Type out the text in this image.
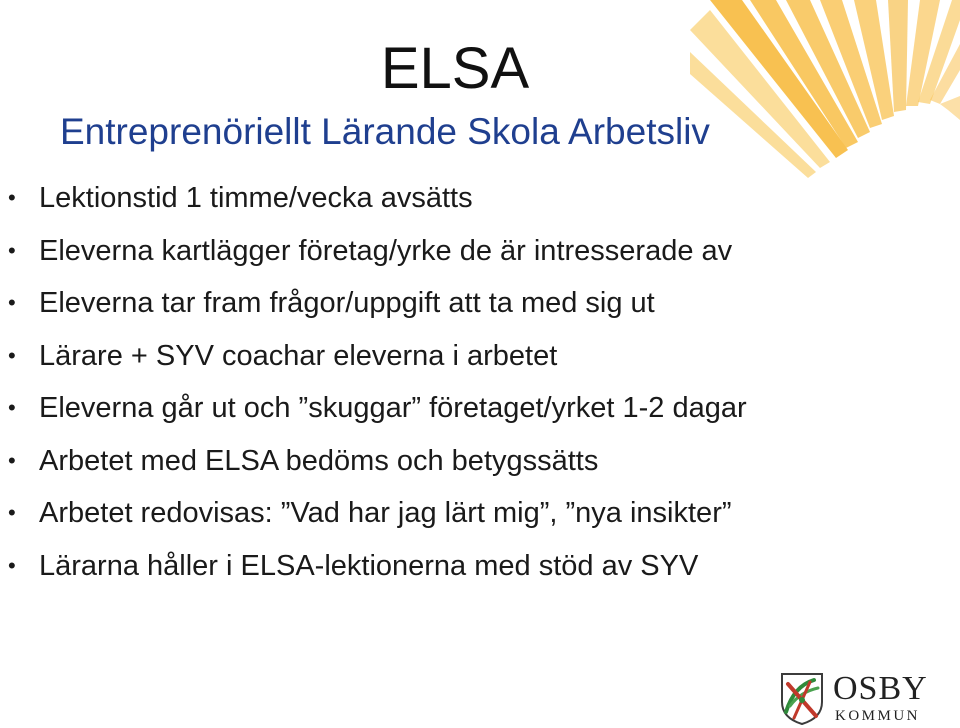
ELSA
Entreprenöriellt Lärande Skola Arbetsliv
• Lektionstid 1 timme/vecka avsätts
• Eleverna kartlägger företag/yrke de är intresserade av
• Eleverna tar fram frågor/uppgift att ta med sig ut
• Lärare + SYV coachar eleverna i arbetet
• Eleverna går ut och ”skuggar” företaget/yrket 1-2 dagar
• Arbetet med ELSA bedöms och betygssätts
• Arbetet redovisas: ”Vad har jag lärt mig”, ”nya insikter”
• Lärarna håller i ELSA-lektionerna med stöd av SYV
OSBY
KOMMUN
